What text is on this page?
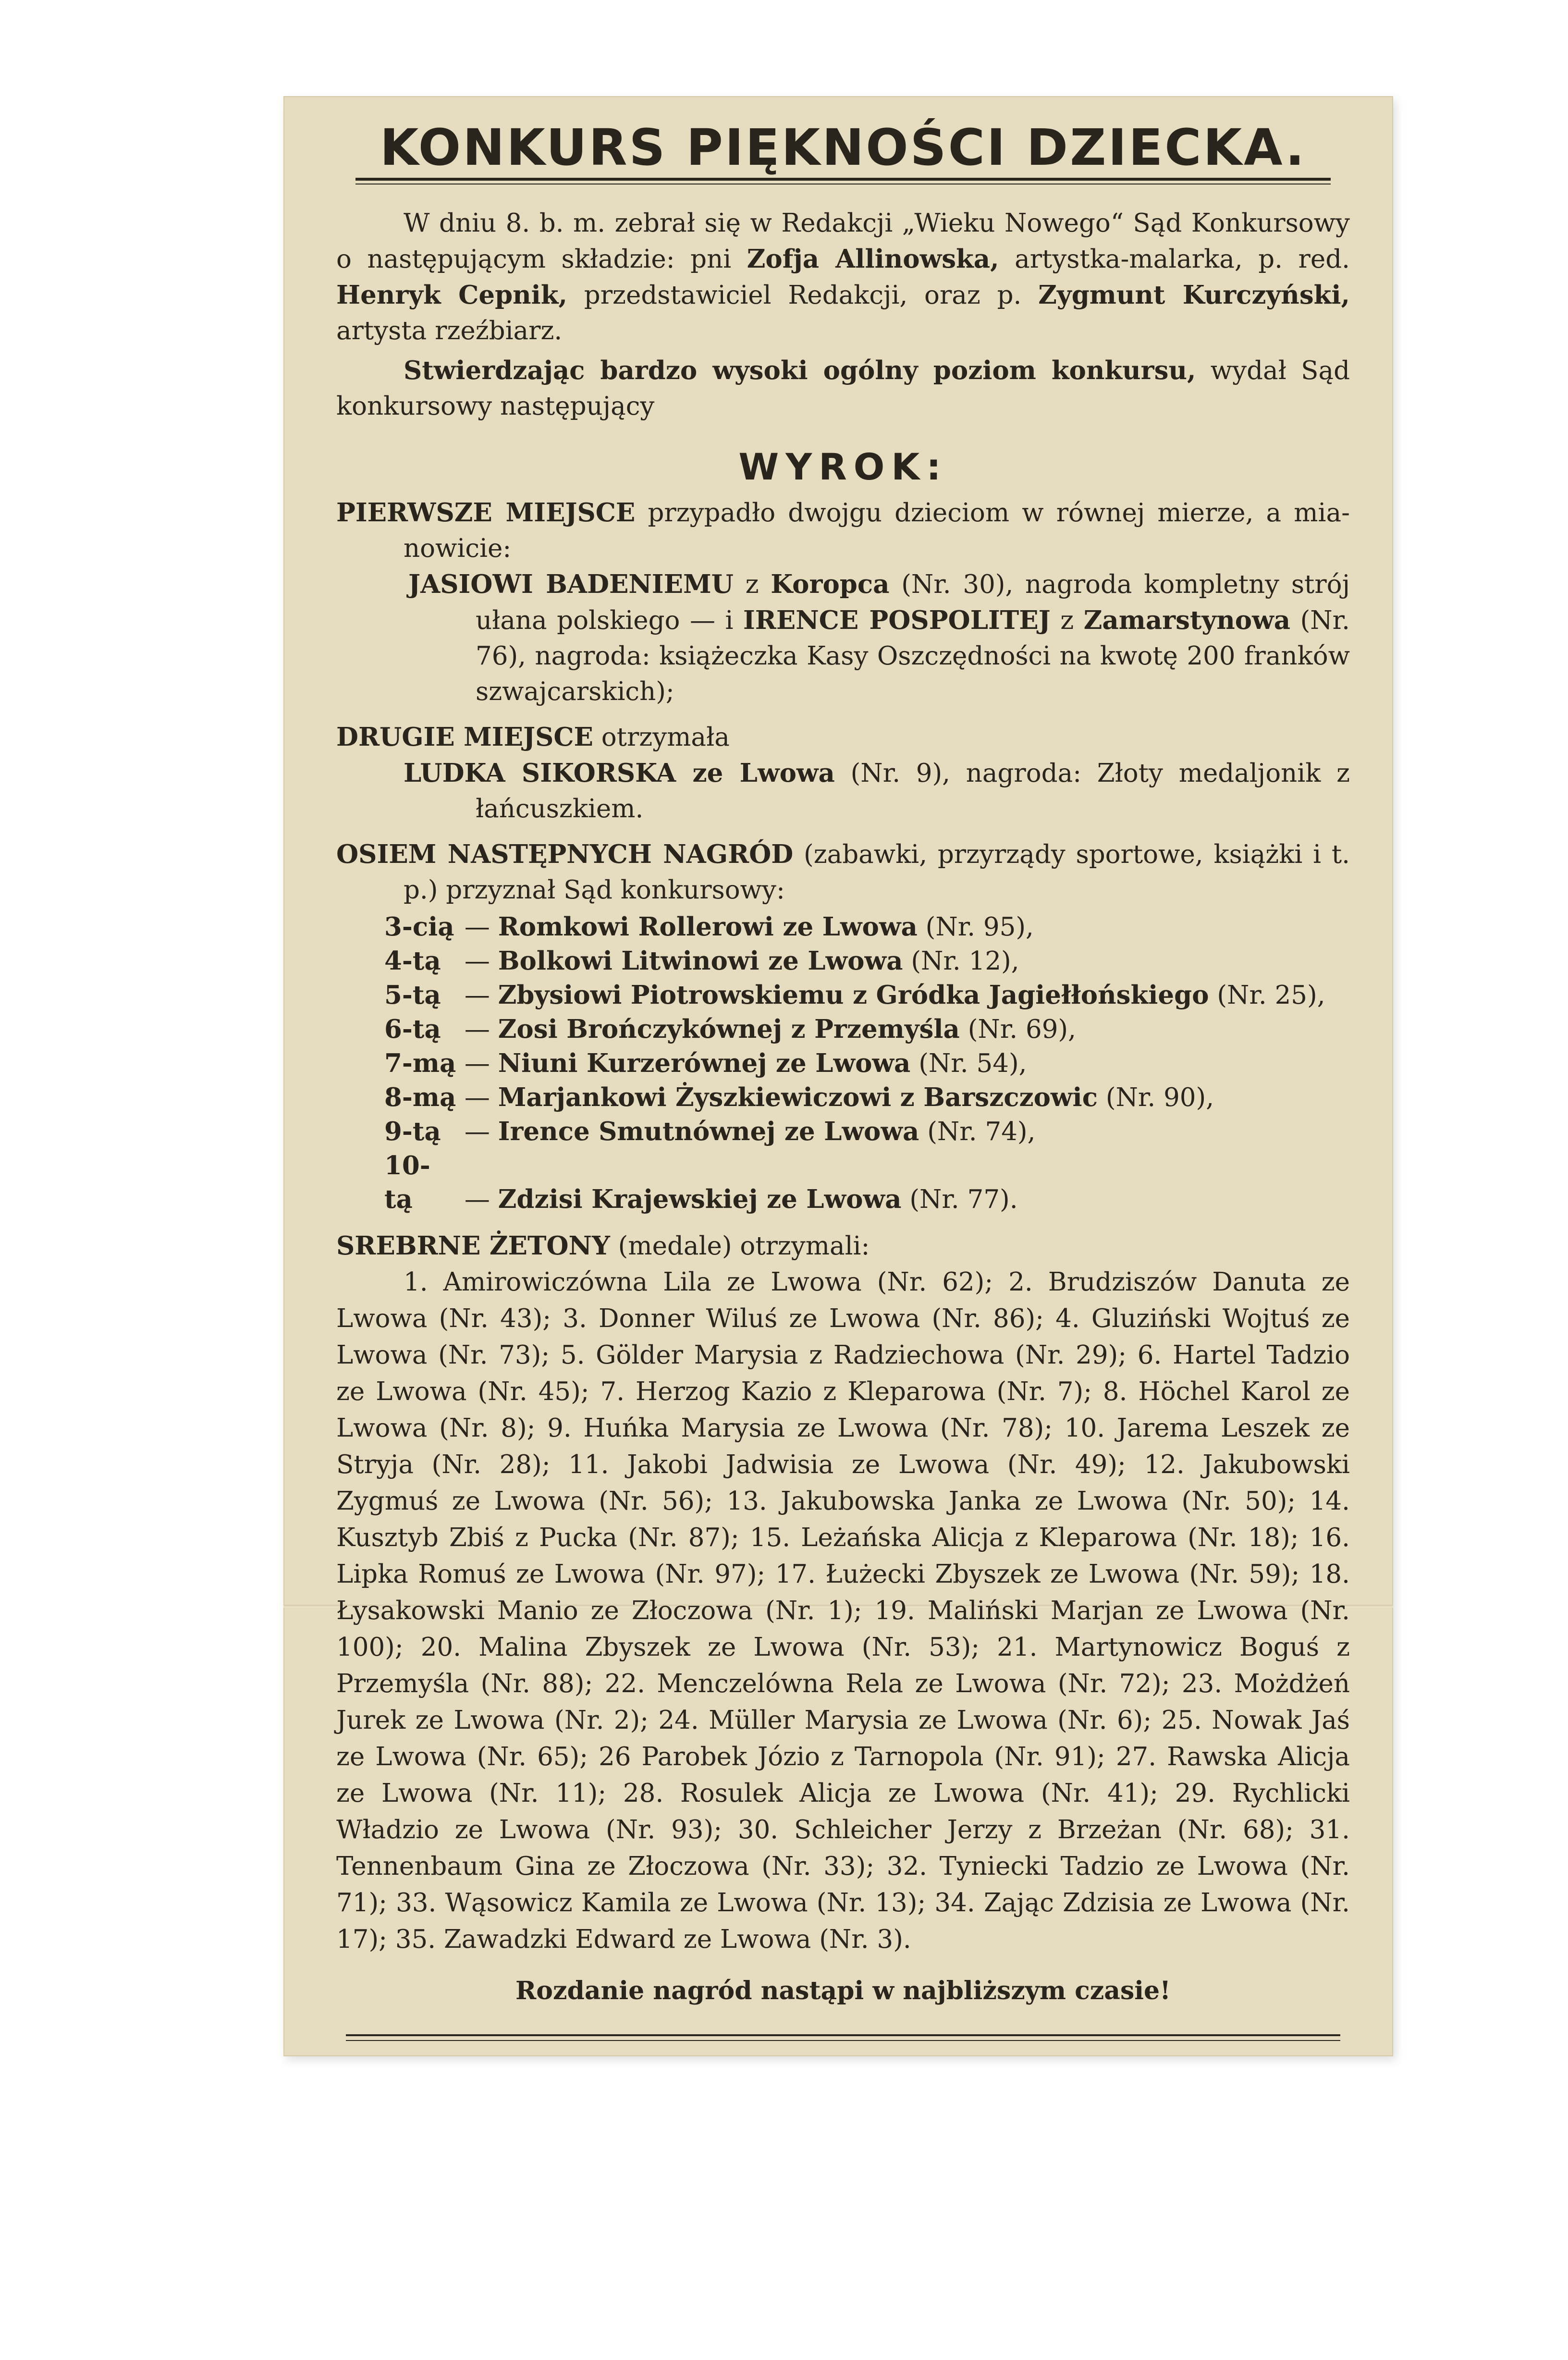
KONKURS PIĘKNOŚCI DZIECKA.

W dniu 8. b. m. zebrał się w Redakcji „Wieku Nowego“ Sąd Konkursowy o następującym składzie: pni Zofja Allinowska, artystka-malarka, p. red. Henryk Cepnik, przedstawiciel Redakcji, oraz p. Zygmunt Kurczyński, artysta rzeźbiarz.

Stwierdzając bardzo wysoki ogólny poziom konkursu, wydał Sąd konkursowy następujący

WYROK:

PIERWSZE MIEJSCE przypadło dwojgu dzieciom w równej mierze, a mianowicie:

JASIOWI BADENIEMU z Koropca (Nr. 30), nagroda kompletny strój ułana polskiego — i IRENCE POSPOLITEJ z Zamarstynowa (Nr. 76), nagroda: książeczka Kasy Oszczędności na kwotę 200 franków szwajcarskich);

DRUGIE MIEJSCE otrzymała

LUDKA SIKORSKA ze Lwowa (Nr. 9), nagroda: Złoty medaljonik z łańcuszkiem.

OSIEM NASTĘPNYCH NAGRÓD (zabawki, przyrządy sportowe, książki i t. p.) przyznał Sąd konkursowy:

3-cią — Romkowi Rollerowi ze Lwowa (Nr. 95),
4-tą — Bolkowi Litwinowi ze Lwowa (Nr. 12),
5-tą — Zbysiowi Piotrowskiemu z Gródka Jagiełłońskiego (Nr. 25),
6-tą — Zosi Brończykównej z Przemyśla (Nr. 69),
7-mą — Niuni Kurzerównej ze Lwowa (Nr. 54),
8-mą — Marjankowi Żyszkiewiczowi z Barszczowic (Nr. 90),
9-tą — Irence Smutnównej ze Lwowa (Nr. 74),
10-tą — Zdzisi Krajewskiej ze Lwowa (Nr. 77).

SREBRNE ŻETONY (medale) otrzymali:

1. Amirowiczówna Lila ze Lwowa (Nr. 62); 2. Brudziszów Danuta ze Lwowa (Nr. 43); 3. Donner Wiluś ze Lwowa (Nr. 86); 4. Gluziński Wojtuś ze Lwowa (Nr. 73); 5. Gölder Marysia z Radziechowa (Nr. 29); 6. Hartel Tadzio ze Lwowa (Nr. 45); 7. Herzog Kazio z Kleparowa (Nr. 7); 8. Höchel Karol ze Lwowa (Nr. 8); 9. Huńka Marysia ze Lwowa (Nr. 78); 10. Jarema Leszek ze Stryja (Nr. 28); 11. Jakobi Jadwisia ze Lwowa (Nr. 49); 12. Jakubowski Zygmuś ze Lwowa (Nr. 56); 13. Jakubowska Janka ze Lwowa (Nr. 50); 14. Kusztyb Zbiś z Pucka (Nr. 87); 15. Leżańska Alicja z Kleparowa (Nr. 18); 16. Lipka Romuś ze Lwowa (Nr. 97); 17. Łużecki Zbyszek ze Lwowa (Nr. 59); 18. Łysakowski Manio ze Złoczowa (Nr. 1); 19. Maliński Marjan ze Lwowa (Nr. 100); 20. Malina Zbyszek ze Lwowa (Nr. 53); 21. Martynowicz Boguś z Przemyśla (Nr. 88); 22. Menczelówna Rela ze Lwowa (Nr. 72); 23. Możdżeń Jurek ze Lwowa (Nr. 2); 24. Müller Marysia ze Lwowa (Nr. 6); 25. Nowak Jaś ze Lwowa (Nr. 65); 26 Parobek Józio z Tarnopola (Nr. 91); 27. Rawska Alicja ze Lwowa (Nr. 11); 28. Rosulek Alicja ze Lwowa (Nr. 41); 29. Rychlicki Władzio ze Lwowa (Nr. 93); 30. Schleicher Jerzy z Brzeżan (Nr. 68); 31. Tennenbaum Gina ze Złoczowa (Nr. 33); 32. Tyniecki Tadzio ze Lwowa (Nr. 71); 33. Wąsowicz Kamila ze Lwowa (Nr. 13); 34. Zając Zdzisia ze Lwowa (Nr. 17); 35. Zawadzki Edward ze Lwowa (Nr. 3).

Rozdanie nagród nastąpi w najbliższym czasie!
